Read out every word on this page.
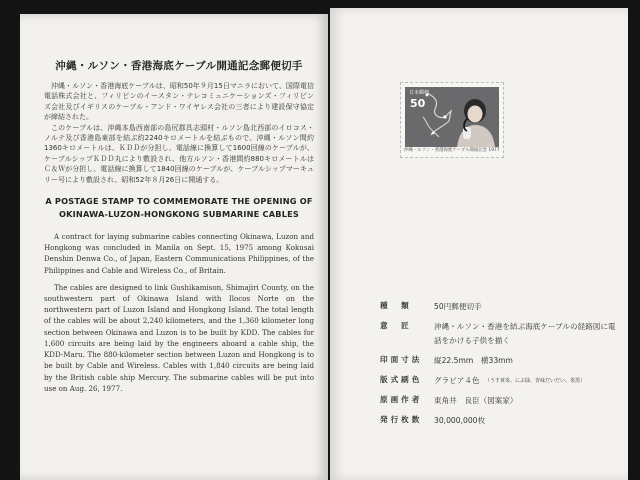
沖縄・ルソン・香港海底ケーブル開通記念郵便切手

沖縄・ルソン・香港海底ケーブルは、昭和50年９月15日マニラにおいて、国際電信電話株式会社と、フィリピンのイースタン・テレコミュニケーションズ・フィリピンズ会社及びイギリスのケーブル・アンド・ワイヤレス会社の三者により建設保守協定が締結された。

このケーブルは、沖縄本島西南部の島尻郡具志頭村・ルソン島北西部のイロコス・ノルテ及び香港島東部を結ぶ約2240キロメートルを結ぶもので、沖縄・ルソン間約1360キロメートルは、ＫＤＤが分担し、電話線に換算して1600回線のケーブルが、ケーブルシップＫＤＤ丸により敷設され、他方ルソン・香港間約880キロメートルはＣ＆Ｗが分担し、電話線に換算して1840回線のケーブルが、ケーブルシップマーキュリー号により敷設され、昭和52年８月26日に開通する。

A POSTAGE STAMP TO COMMEMORATE THE OPENING OF OKINAWA-LUZON-HONGKONG SUBMARINE CABLES

A contract for laying submarine cables connecting Okinawa, Luzon and Hongkong was concluded in Manila on Sept. 15, 1975 among Kokusai Denshin Denwa Co., of Japan, Eastern Communications Philippines, of the Philippines and Cable and Wireless Co., of Britain.

The cables are designed to link Gushikamison, Shimajiri County, on the southwestern part of Okinawa Island with Ilocos Norte on the northwestern part of Luzon Island and Hongkong Island. The total length of the cables will be about 2,240 kilometers, and the 1,360 kilometer long section between Okinawa and Luzon is to be built by KDD. The cables for 1,600 circuits are being laid by the engineers aboard a cable ship, the KDD-Maru. The 880-kilometer section between Luzon and Hongkong is to be built by Cable and Wireless. Cables with 1,840 circuits are being laid by the British cable ship Mercury. The submarine cables will be put into use on Aug. 26, 1977.

日本郵便
50
沖縄・ルソン・香港海底ケーブル開通記念 1977
種　類	50円郵便切手
意　匠	沖縄・ルソン・香港を結ぶ海底ケーブルの経路図に電話をかける子供を描く
印面寸法	縦22.5mm　横33mm
版式刷色	グラビア４色 （うす黄茶、にぶ緑、青味だいだい、茶黒）
原画作者	東角井　良臣（図案家）
発行枚数	30,000,000枚
